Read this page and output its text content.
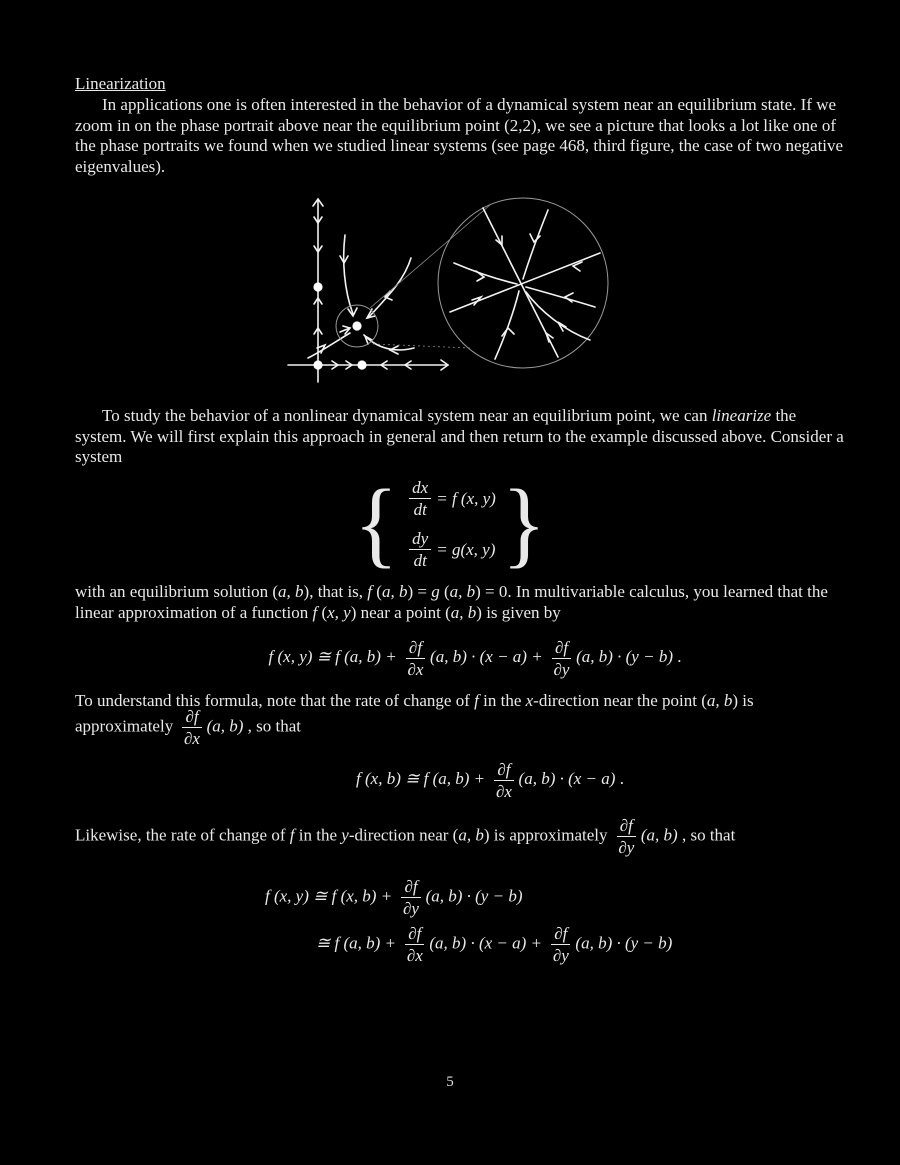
Linearization
In applications one is often interested in the behavior of a dynamical system near an equilibrium state. If we zoom in on the phase portrait above near the equilibrium point (2,2), we see a picture that looks a lot like one of the phase portraits we found when we studied linear systems (see page 468, third figure, the case of two negative eigenvalues).
To study the behavior of a nonlinear dynamical system near an equilibrium point, we can linearize the system. We will first explain this approach in general and then return to the example discussed above. Consider a system
{ $\frac{dx}{dt} = f$ (x, y)
$\frac{dy}{dt} = g(x$, y) }
with an equilibrium solution (a, b), that is, f (a, b) = g (a, b) = 0. In multivariable calculus, you learned that the linear approximation of a function f (x, y) near a point (a, b) is given by
f (x, y) ≅ f (a, $b) + \frac{\partial f}{\partial x} (a$, $b) \cdot (x - a) + \frac{\partial f}{\partial y} (a$, b) · (y − b) .
To understand this formula, note that the rate of change of f in the x-direction near the point (a, b) is
approximately $\frac{\partial f}{\partial x} (a$, b) , so that
f (x, b) ≅ f (a, $b) + \frac{\partial f}{\partial x} (a$, b) · (x − a) .
Likewise, the rate of change of f in the y-direction near (a, b) is approximately $\frac{\partial f}{\partial y} (a$, b) , so that
f (x, y) ≅ f (x, $b) + \frac{\partial f}{\partial y} (a$, b) · (y − b)
≅ f (a, $b) + \frac{\partial f}{\partial x} (a$, $b) \cdot (x - a) + \frac{\partial f}{\partial y} (a$, b) · (y − b)
5
